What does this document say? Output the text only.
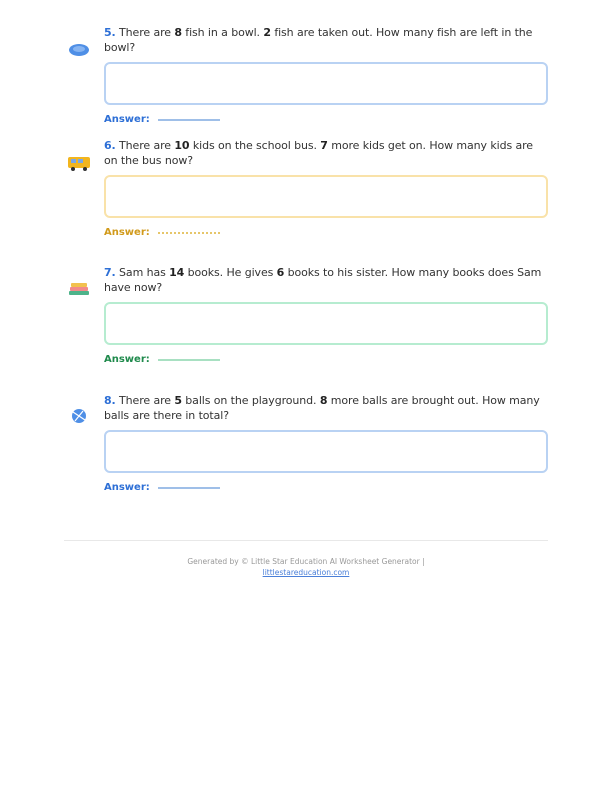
5. There are 8 fish in a bowl. 2 fish are taken out. How many fish are left in the bowl?

Answer:

6. There are 10 kids on the school bus. 7 more kids get on. How many kids are on the bus now?

Answer:

7. Sam has 14 books. He gives 6 books to his sister. How many books does Sam have now?

Answer:

8. There are 5 balls on the playground. 8 more balls are brought out. How many balls are there in total?

Answer:
Generated by © Little Star Education AI Worksheet Generator |
littlestareducation.com
